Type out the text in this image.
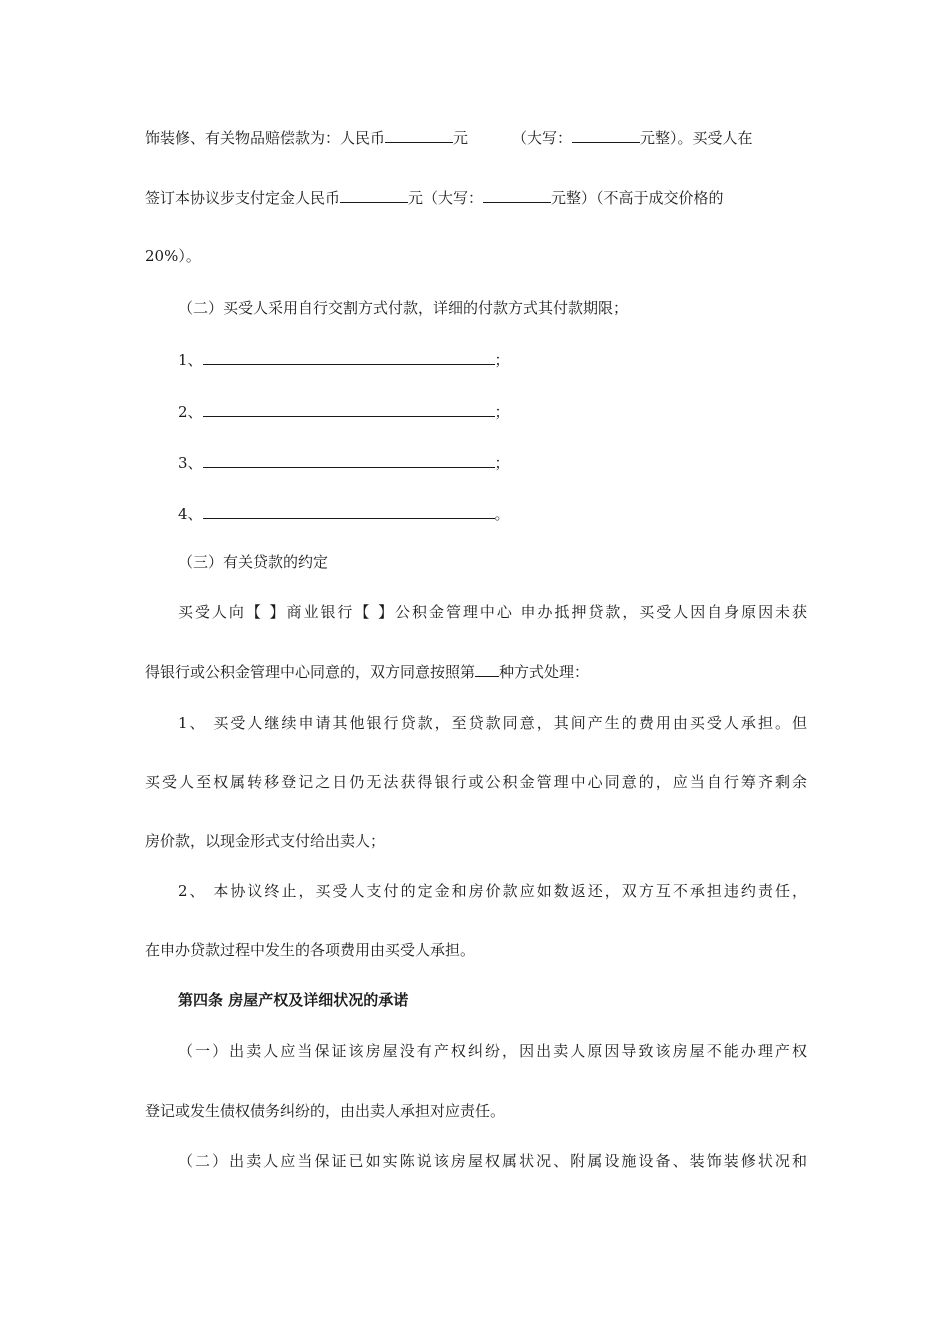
饰装修、有关物品赔偿款为：人民币	元	（大写：	元整）。买受人在
签订本协议步支付定金人民币	元（大写：	元整）（不高于成交价格的
20%）。
（二）买受人采用自行交割方式付款，详细的付款方式其付款期限；
1、	；
2、	；
3、	；
4、	。
（三）有关贷款的约定
买受人向【 】商业银行【 】公积金管理中心 申办抵押贷款，买受人因自身原因未获
得银行或公积金管理中心同意的，双方同意按照第 种方式处理：
1、 买受人继续申请其他银行贷款，至贷款同意，其间产生的费用由买受人承担。但
买受人至权属转移登记之日仍无法获得银行或公积金管理中心同意的，应当自行筹齐剩余
房价款，以现金形式支付给出卖人；
2、 本协议终止，买受人支付的定金和房价款应如数返还，双方互不承担违约责任，
在申办贷款过程中发生的各项费用由买受人承担。
第四条 房屋产权及详细状况的承诺
（一）出卖人应当保证该房屋没有产权纠纷，因出卖人原因导致该房屋不能办理产权
登记或发生债权债务纠纷的，由出卖人承担对应责任。
（二）出卖人应当保证已如实陈说该房屋权属状况、附属设施设备、装饰装修状况和
